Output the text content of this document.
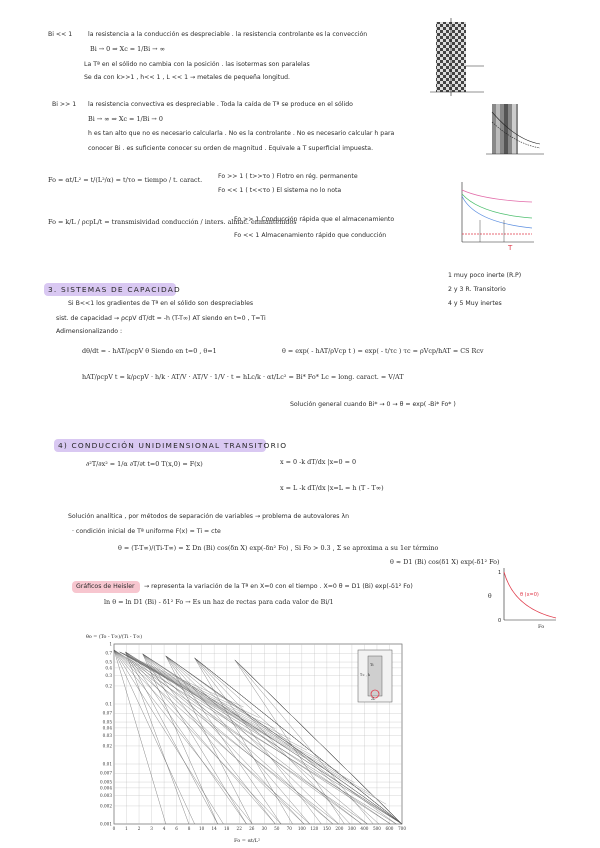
Bi << 1	la resistencia a la conducción es despreciable . la resistencia controlante es la convección
Bi → 0 ⇒ Xc = 1/Bi → ∞
La Tª en el sólido no cambia con la posición . las isotermas son paralelas
Se da con k>>1 , h<< 1 , L << 1 → metales de pequeña longitud.
Bi >> 1 la resistencia convectiva es despreciable . Toda la caída de Tª se produce en el sólido
Bi → ∞ ⇒ Xc = 1/Bi → 0
h es tan alto que no es necesario calcularla . No es la controlante . No es necesario calcular h para
conocer Bi . es suficiente conocer su orden de magnitud . Equivale a T superficial impuesta.
Fo = αt/L² = t/(L²/α) = t/τo = tiempo / t. caract.	Fo >> 1 ( t>>τo ) Flotro en rég. permanente
Fo << 1 ( t<<τo ) El sistema no lo nota
Fo = k/L / ρcpL/t = transmisividad conducción / inters. almac. enmantenidos
Fo >> 1 Conducción rápida que el almacenamiento
Fo << 1 Almacenamiento rápido que conducción
T
1 muy poco inerte (R.P)
2 y 3 R. Transitorio
4 y 5 Muy inertes
3. SISTEMAS DE CAPACIDAD
Si B<<1 los gradientes de Tª en el sólido son despreciables
sist. de capacidad → ρcpV dT/dt = -h (T-T∞) AT siendo en t=0 , T=Ti
Adimensionalizando :
dθ/dt = - hAT/ρcpV θ Siendo en t=0 , θ=1	θ = exp( - hAT/ρVcp t ) = exp( - t/τc ) τc = ρVcp/hAT = CS Rcv
hAT/ρcpV t = k/ρcpV · h/k · AT/V · AT/V · 1/V · t = hLc/k · αt/Lc² = Bi* Fo* Lc = long. caract. = V/AT
Solución general cuando Bi* → 0 → θ = exp( -Bi* Fo* )
4) CONDUCCIÓN UNIDIMENSIONAL TRANSITORIO
∂²T/∂x² = 1/α ∂T/∂t t=0 T(x,0) = F(x)	x = 0 -k dT/dx |x=0 = 0
x = L -k dT/dx |x=L = h (T - T∞)
Solución analítica , por métodos de separación de variables → problema de autovalores λn
· condición inicial de Tª uniforme F(x) = Ti = cte
θ = (T-T∞)/(Ti-T∞) = Σ Dn (Bi) cos(δn X) exp(-δn² Fo) , Si Fo > 0.3 , Σ se aproxima a su 1er término
θ ≈ D1 (Bi) cos(δ1 X) exp(-δ1² Fo)
Gráficos de Heisler → representa la variación de la Tª en X=0 con el tiempo . X=0 θ = D1 (Bi) exp(-δ1² Fo)
ln θ = ln D1 (Bi) - δ1² Fo → Es un haz de rectas para cada valor de Bi/1
1
0
θ
Fo
θ (x=0)
θo = (To - T∞)/(Ti - T∞)
1
0.7
0.5
0.4
0.3
0.2
0.1
0.07
0.05
0.04
0.03
0.02
0.01
0.007
0.005
0.004
0.003
0.002
0.001
0 1 2 3 4 6 8 10 14 18 22 26 30 50 70 100 120 150 200 300 400 500 600 700
Ti
T∞ , h
2L
Fo = αt/L²
